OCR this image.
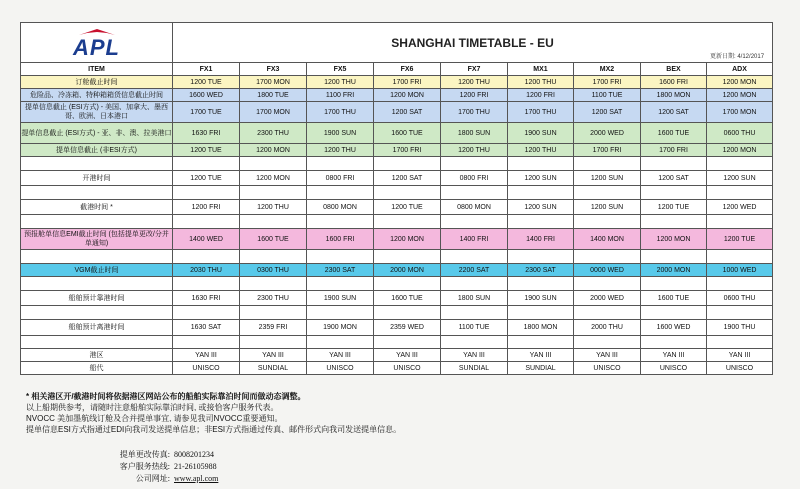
APL	SHANGHAI TIMETABLE - EU
更新日期: 4/12/2017								

ITEM	FX1	FX3	FX5	FX6	FX7	MX1	MX2	BEX	ADX
订舱截止时间	1200 TUE	1700 MON	1200 THU	1700 FRI	1200 THU	1200 THU	1700 FRI	1600 FRI	1200 MON
危险品、冷冻箱、特种箱箱货信息截止时间	1600 WED	1800 TUE	1100 FRI	1200 MON	1200 FRI	1200 FRI	1100 TUE	1800 MON	1200 MON
提单信息截止 (ESI方式) - 美国、加拿大、墨西哥、欧洲、日本港口	1700 TUE	1700 MON	1700 THU	1200 SAT	1700 THU	1700 THU	1200 SAT	1200 SAT	1700 MON
提单信息截止 (ESI方式) - 亚、非、澳、拉美港口	1630 FRI	2300 THU	1900 SUN	1600 TUE	1800 SUN	1900 SUN	2000 WED	1600 TUE	0600 THU
提单信息截止 (非ESI方式)	1200 TUE	1200 MON	1200 THU	1700 FRI	1200 THU	1200 THU	1700 FRI	1700 FRI	1200 MON

开港时间	1200 TUE	1200 MON	0800 FRI	1200 SAT	0800 FRI	1200 SUN	1200 SUN	1200 SAT	1200 SUN

截港时间 *	1200 FRI	1200 THU	0800 MON	1200 TUE	0800 MON	1200 SUN	1200 SUN	1200 TUE	1200 WED

预报舱单信息EMI截止时间 (包括提单更改/分并单通知)	1400 WED	1600 TUE	1600 FRI	1200 MON	1400 FRI	1400 FRI	1400 MON	1200 MON	1200 TUE

VGM截止时间	2030 THU	0300 THU	2300 SAT	2000 MON	2200 SAT	2300 SAT	0000 WED	2000 MON	1000 WED

船舶预计靠港时间	1630 FRI	2300 THU	1900 SUN	1600 TUE	1800 SUN	1900 SUN	2000 WED	1600 TUE	0600 THU

船舶预计离港时间	1630 SAT	2359 FRI	1900 MON	2359 WED	1100 TUE	1800 MON	2000 THU	1600 WED	1900 THU

港区	YAN III	YAN III	YAN III	YAN III	YAN III	YAN III	YAN III	YAN III	YAN III
船代	UNISCO	SUNDIAL	UNISCO	UNISCO	SUNDIAL	SUNDIAL	UNISCO	UNISCO	UNISCO
* 相关港区开/截港时间将依据港区网站公布的船舶实际靠泊时间而做动态调整。
以上船期供参考，请随时注意船舶实际靠泊时间, 或接恰客户服务代表。
NVOCC 美加墨航线订舱及合并提单事宜, 请参见我司NVOCC重要通知。
提单信息ESI方式指通过EDI向我司发送提单信息；非ESI方式指通过传真、邮件形式向我司发送提单信息。
提单更改传真: 8008201234
客户服务热线: 21-26105988
公司网址: www.apl.com
